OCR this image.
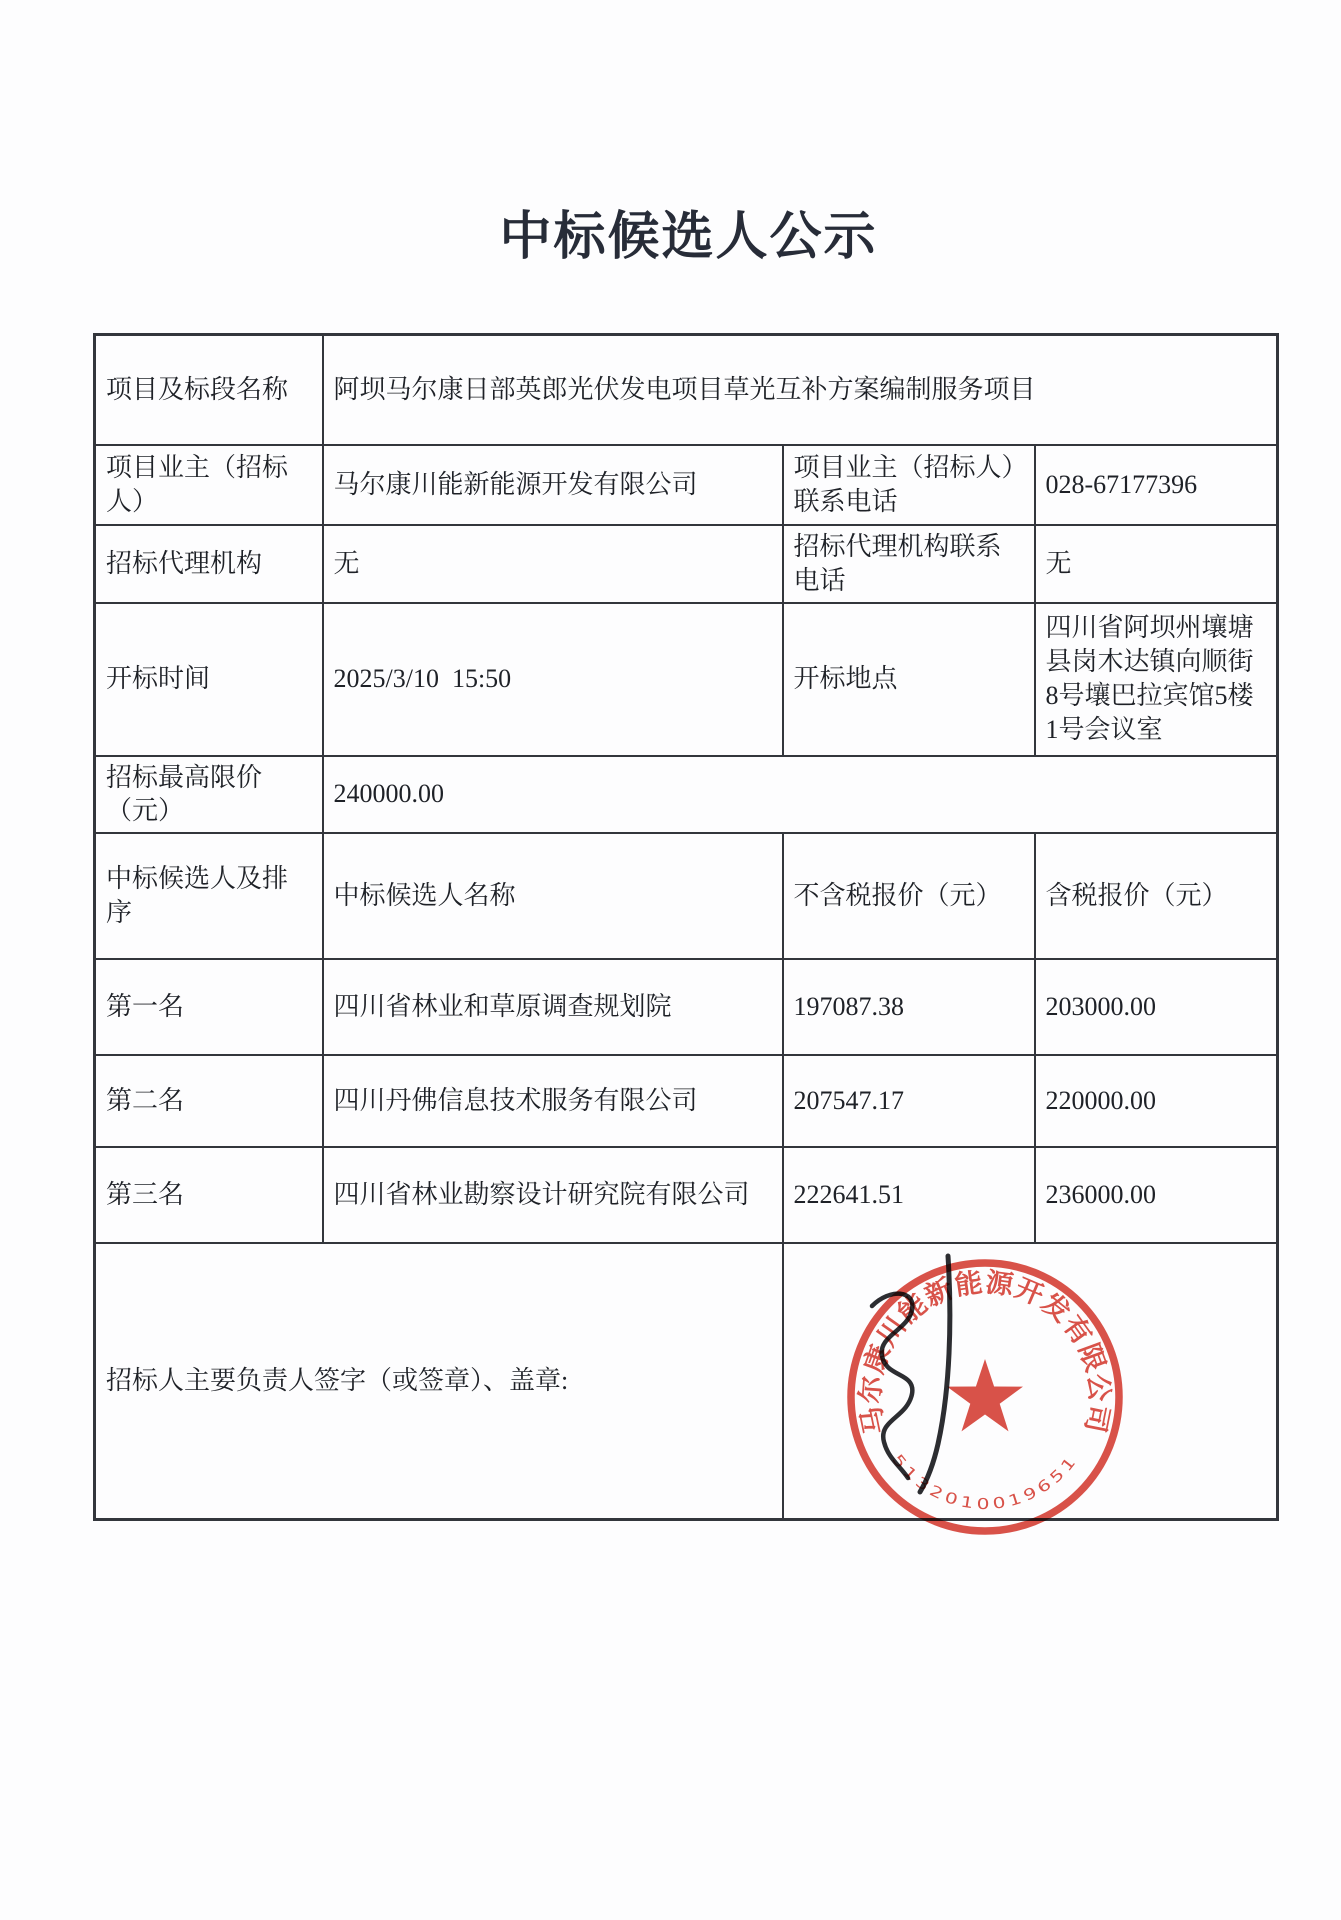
中标候选人公示
项目及标段名称	阿坝马尔康日部英郎光伏发电项目草光互补方案编制服务项目		
项目业主（招标人）	马尔康川能新能源开发有限公司	项目业主（招标人）联系电话	028-67177396
招标代理机构	无	招标代理机构联系电话	无
开标时间	2025/3/10  15:50	开标地点	四川省阿坝州壤塘县岗木达镇向顺街8号壤巴拉宾馆5楼1号会议室
招标最高限价（元）	240000.00		
中标候选人及排序	中标候选人名称	不含税报价（元）	含税报价（元）
第一名	四川省林业和草原调查规划院	197087.38	203000.00
第二名	四川丹佛信息技术服务有限公司	207547.17	220000.00
第三名	四川省林业勘察设计研究院有限公司	222641.51	236000.00
招标人主要负责人签字（或签章）、盖章:			
马尔康川能新能源开发有限公司
5132010019651
